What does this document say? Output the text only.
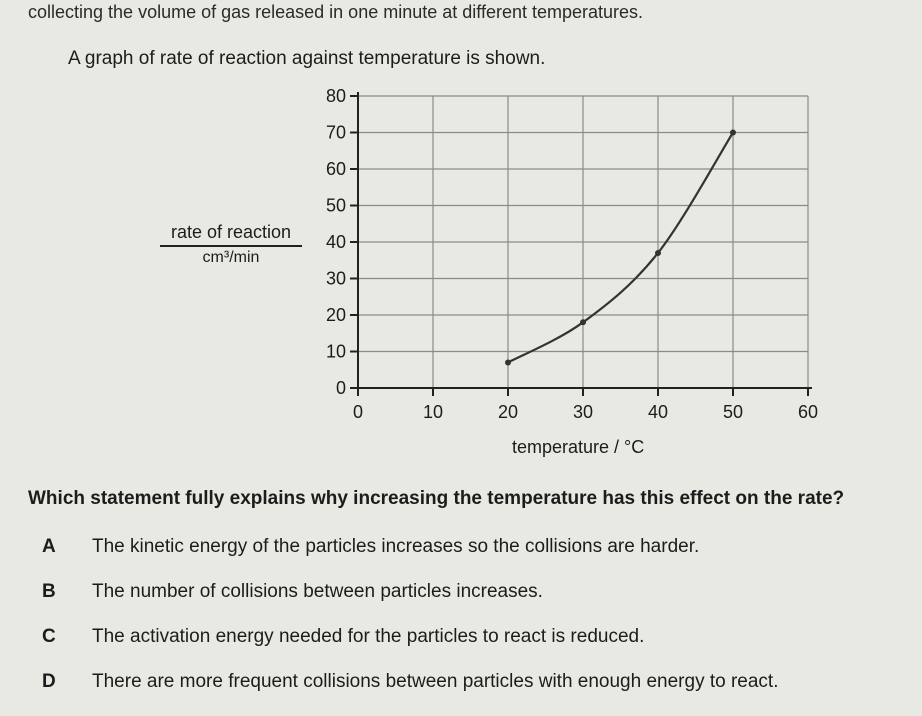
collecting the volume of gas released in one minute at different temperatures.
A graph of rate of reaction against temperature is shown.
0
10
20
30
40
50
60
70
80
0	10	20	30	40	50	60
rate of reaction
cm³/min
temperature / °C
Which statement fully explains why increasing the temperature has this effect on the rate?
A The kinetic energy of the particles increases so the collisions are harder.
B The number of collisions between particles increases.
C The activation energy needed for the particles to react is reduced.
D There are more frequent collisions between particles with enough energy to react.
